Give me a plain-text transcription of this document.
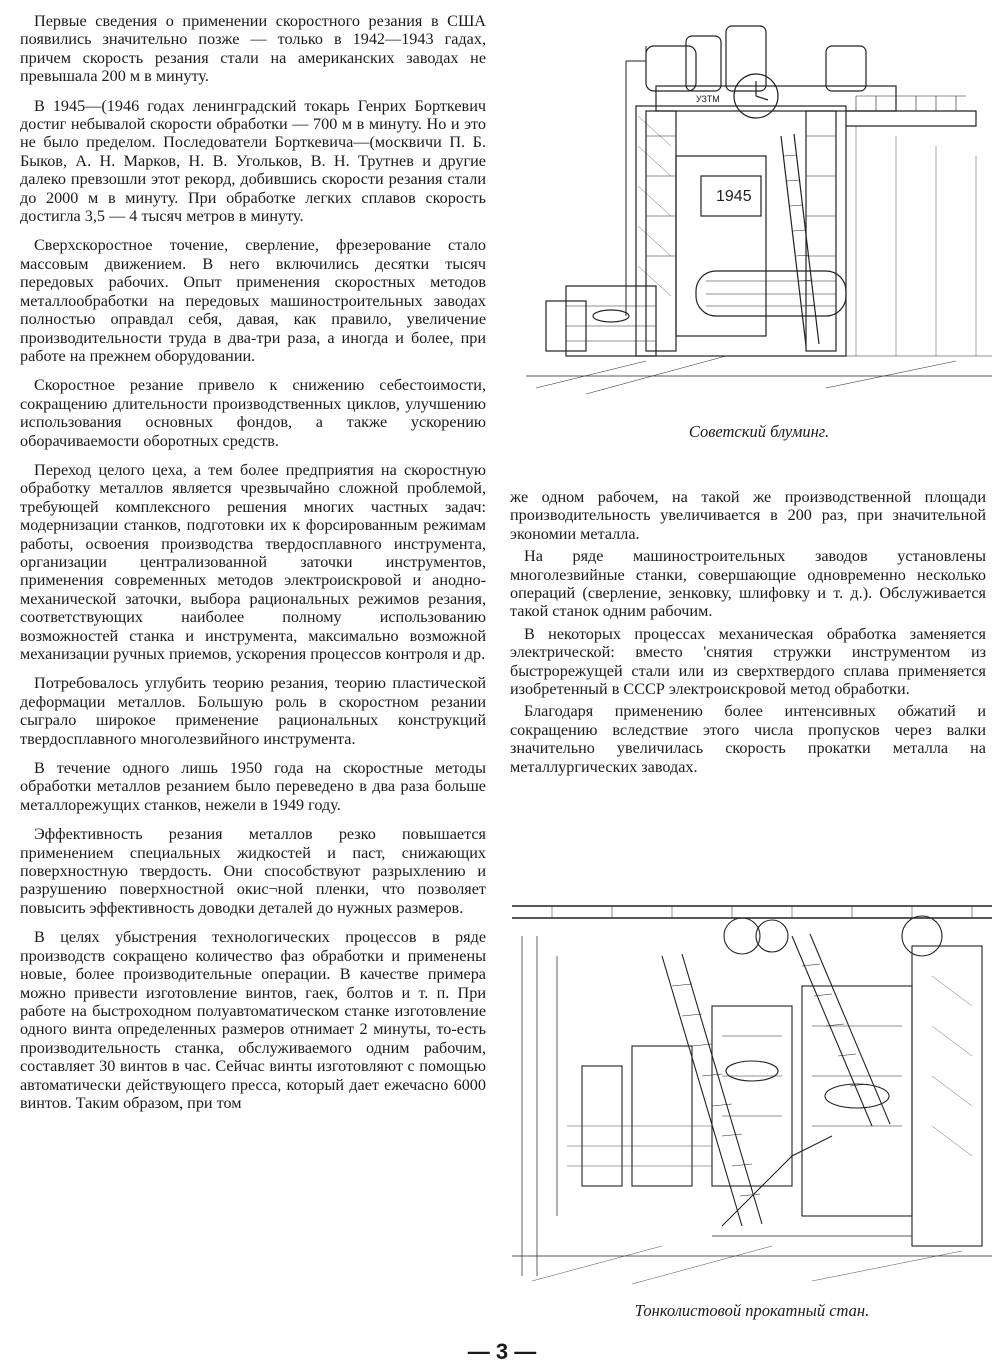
Первые сведения о применении скоростного резания в США появились значительно позже — только в 1942—1943 гадах, причем скорость резания стали на американских заводах не превышала 200 м в минуту.

В 1945—(1946 годах ленинградский токарь Генрих Борткевич достиг небывалой скорости обработки — 700 м в минуту. Но и это не было пределом. Последователи Борткевича—(москвичи П. Б. Быков, А. Н. Марков, Н. В. Угольков, В. Н. Трутнев и другие далеко превзошли этот рекорд, добившись скорости резания стали до 2000 м в минуту. При обработке легких сплавов скорость достигла 3,5 — 4 тысяч метров в минуту.

Сверхскоростное точение, сверление, фрезерование стало массовым движением. В него включились десятки тысяч передовых рабочих. Опыт применения скоростных методов металлообработки на передовых машиностроительных заводах полностью оправдал себя, давая, как правило, увеличение производительности труда в два-три раза, а иногда и более, при работе на прежнем оборудовании.

Скоростное резание привело к снижению себестоимости, сокращению длительности производственных циклов, улучшению использования основных фондов, а также ускорению оборачиваемости оборотных средств.

Переход целого цеха, а тем более предприятия на скоростную обработку металлов является чрезвычайно сложной проблемой, требующей комплексного решения многих частных задач: модернизации станков, подготовки их к форсированным режимам работы, освоения производства твердосплавного инструмента, организации централизованной заточки инструментов, применения современных методов электроискровой и анодно-механической заточки, выбора рациональных режимов резания, соответствующих наиболее полному использованию возможностей станка и инструмента, максимально возможной механизации ручных приемов, ускорения процессов контроля и др.

Потребовалось углубить теорию резания, теорию пластической деформации металлов. Большую роль в скоростном резании сыграло широкое применение рациональных конструкций твердосплавного многолезвийного инструмента.

В течение одного лишь 1950 года на скоростные методы обработки металлов резанием было переведено в два раза больше металлорежущих станков, нежели в 1949 году.

Эффективность резания металлов резко повышается применением специальных жидкостей и паст, снижающих поверхностную твердость. Они способствуют разрыхлению и разрушению поверхностной окис¬ной пленки, что позволяет повысить эффективность доводки деталей до нужных размеров.

В целях убыстрения технологических процессов в ряде производств сокращено количество фаз обработки и применены новые, более производительные операции. В качестве примера можно привести изготовление винтов, гаек, болтов и т. п. При работе на быстроходном полуавтоматическом станке изготовление одного винта определенных размеров отнимает 2 минуты, то-есть производительность станка, обслуживаемого одним рабочим, составляет 30 винтов в час. Сейчас винты изготовляют с помощью автоматически действующего пресса, который дает ежечасно 6000 винтов. Таким образом, при том

1945
УЗТМ
Советский блуминг.

же одном рабочем, на такой же производственной площади производительность увеличивается в 200 раз, при значительной экономии металла.

На ряде машиностроительных заводов установлены многолезвийные станки, совершающие одновременно несколько операций (сверление, зенковку, шлифовку и т. д.). Обслуживается такой станок одним рабочим.

В некоторых процессах механическая обработка заменяется электрической: вместо 'снятия стружки инструментом из быстрорежущей стали или из сверхтвердого сплава применяется изобретенный в СССР электроискровой метод обработки.

Благодаря применению более интенсивных обжатий и сокращению вследствие этого числа пропусков через валки значительно увеличилась скорость прокатки металла на металлургических заводах.

Тонколистовой прокатный стан.
— 3 —
